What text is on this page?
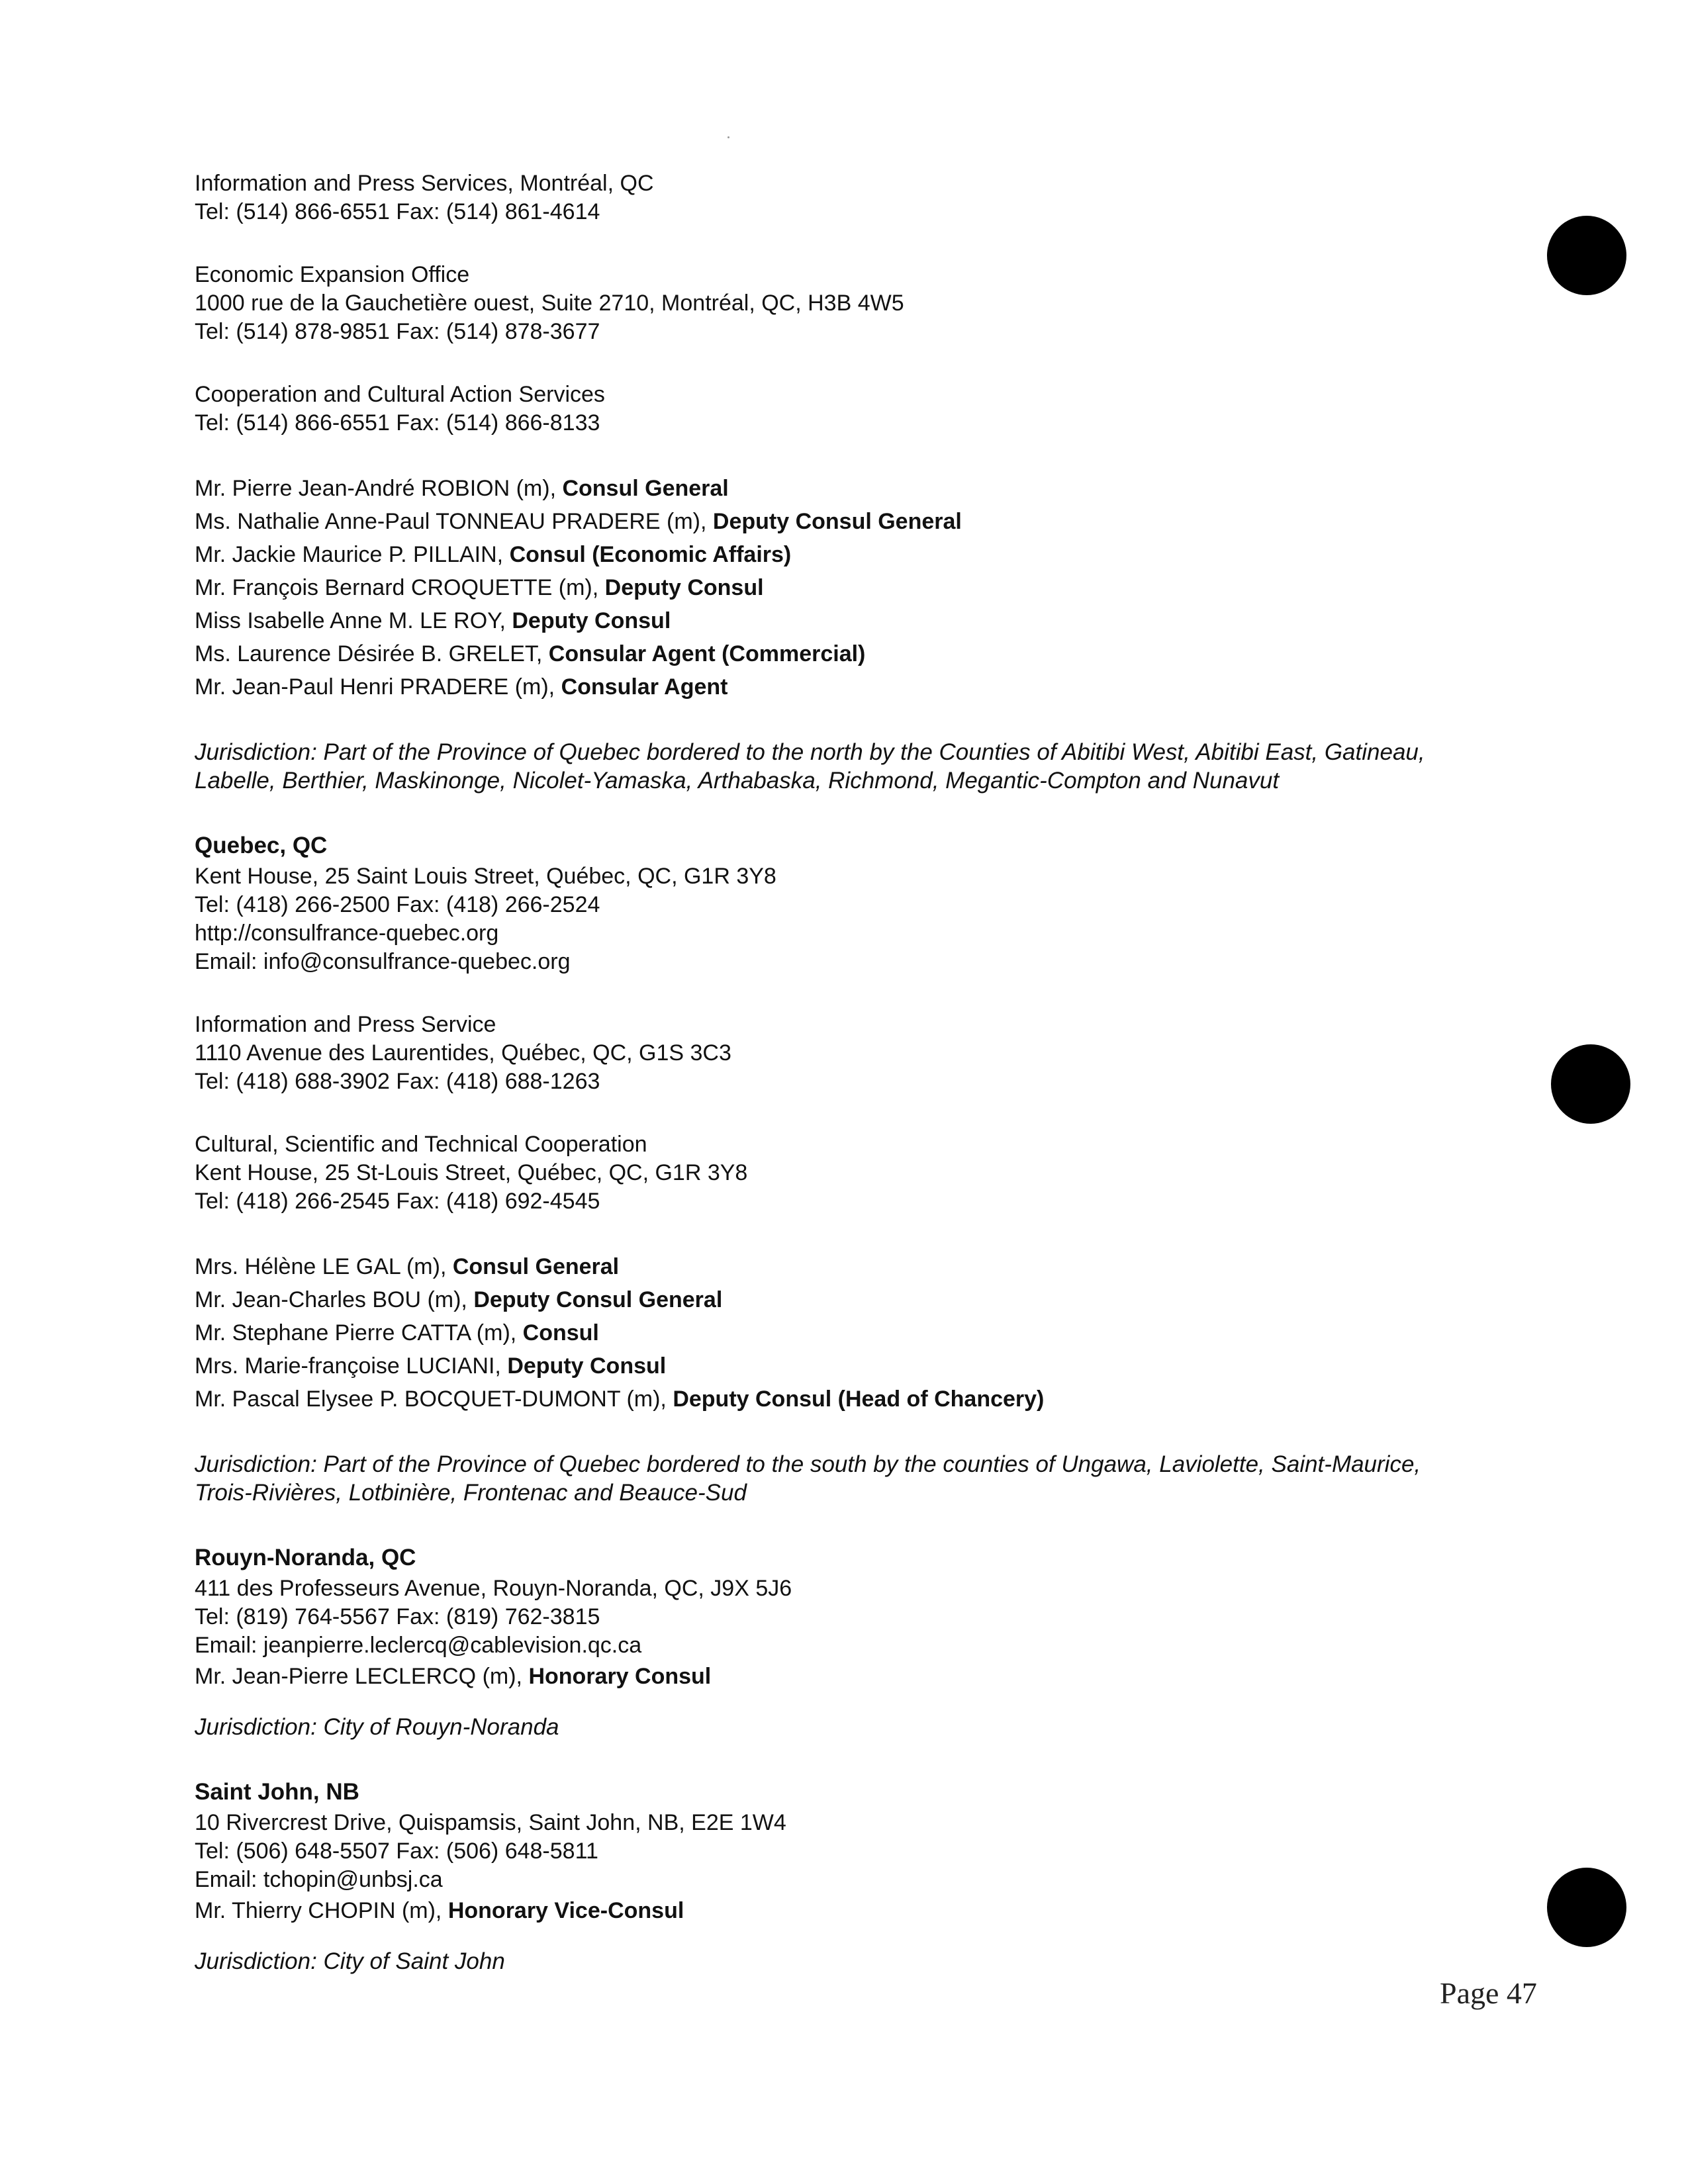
Information and Press Services, Montréal, QC
Tel: (514) 866-6551 Fax: (514) 861-4614
Economic Expansion Office
1000 rue de la Gauchetière ouest, Suite 2710, Montréal, QC, H3B 4W5
Tel: (514) 878-9851 Fax: (514) 878-3677
Cooperation and Cultural Action Services
Tel: (514) 866-6551 Fax: (514) 866-8133
Mr. Pierre Jean-André ROBION (m), Consul General
Ms. Nathalie Anne-Paul TONNEAU PRADERE (m), Deputy Consul General
Mr. Jackie Maurice P. PILLAIN, Consul (Economic Affairs)
Mr. François Bernard CROQUETTE (m), Deputy Consul
Miss Isabelle Anne M. LE ROY, Deputy Consul
Ms. Laurence Désirée B. GRELET, Consular Agent (Commercial)
Mr. Jean-Paul Henri PRADERE (m), Consular Agent
Jurisdiction: Part of the Province of Quebec bordered to the north by the Counties of Abitibi West, Abitibi East, Gatineau,
Labelle, Berthier, Maskinonge, Nicolet-Yamaska, Arthabaska, Richmond, Megantic-Compton and Nunavut
Quebec, QC
Kent House, 25 Saint Louis Street, Québec, QC, G1R 3Y8
Tel: (418) 266-2500 Fax: (418) 266-2524
http://consulfrance-quebec.org
Email: info@consulfrance-quebec.org
Information and Press Service
1110 Avenue des Laurentides, Québec, QC, G1S 3C3
Tel: (418) 688-3902 Fax: (418) 688-1263
Cultural, Scientific and Technical Cooperation
Kent House, 25 St-Louis Street, Québec, QC, G1R 3Y8
Tel: (418) 266-2545 Fax: (418) 692-4545
Mrs. Hélène LE GAL (m), Consul General
Mr. Jean-Charles BOU (m), Deputy Consul General
Mr. Stephane Pierre CATTA (m), Consul
Mrs. Marie-françoise LUCIANI, Deputy Consul
Mr. Pascal Elysee P. BOCQUET-DUMONT (m), Deputy Consul (Head of Chancery)
Jurisdiction: Part of the Province of Quebec bordered to the south by the counties of Ungawa, Laviolette, Saint-Maurice,
Trois-Rivières, Lotbinière, Frontenac and Beauce-Sud
Rouyn-Noranda, QC
411 des Professeurs Avenue, Rouyn-Noranda, QC, J9X 5J6
Tel: (819) 764-5567 Fax: (819) 762-3815
Email: jeanpierre.leclercq@cablevision.qc.ca
Mr. Jean-Pierre LECLERCQ (m), Honorary Consul
Jurisdiction: City of Rouyn-Noranda
Saint John, NB
10 Rivercrest Drive, Quispamsis, Saint John, NB, E2E 1W4
Tel: (506) 648-5507 Fax: (506) 648-5811
Email: tchopin@unbsj.ca
Mr. Thierry CHOPIN (m), Honorary Vice-Consul
Jurisdiction: City of Saint John
Page 47
